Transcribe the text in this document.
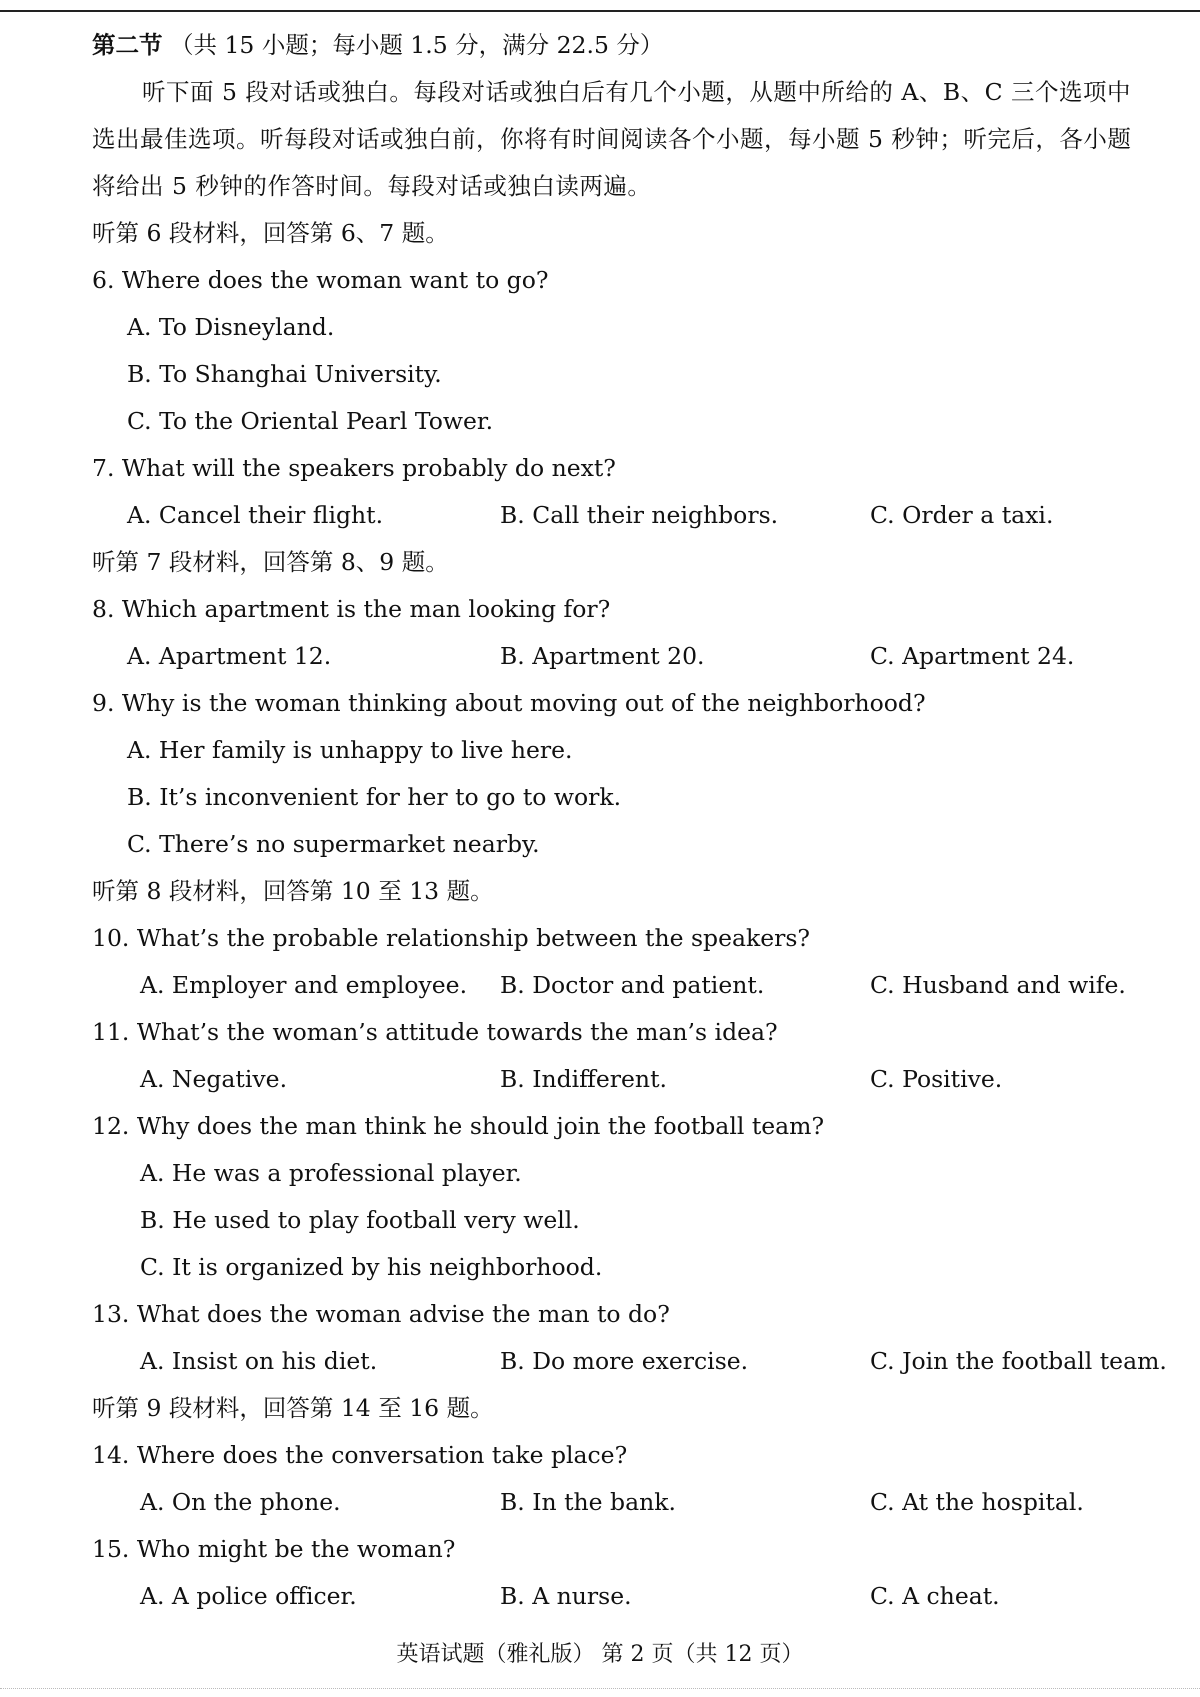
第二节 （共 15 小题；每小题 1.5 分，满分 22.5 分）
听下面 5 段对话或独白。每段对话或独白后有几个小题，从题中所给的 A、B、C 三个选项中
选出最佳选项。听每段对话或独白前，你将有时间阅读各个小题，每小题 5 秒钟；听完后，各小题
将给出 5 秒钟的作答时间。每段对话或独白读两遍。
听第 6 段材料，回答第 6、7 题。
6. Where does the woman want to go?
A. To Disneyland.
B. To Shanghai University.
C. To the Oriental Pearl Tower.
7. What will the speakers probably do next?
A. Cancel their flight.	B. Call their neighbors.	C. Order a taxi.
听第 7 段材料，回答第 8、9 题。
8. Which apartment is the man looking for?
A. Apartment 12.	B. Apartment 20.	C. Apartment 24.
9. Why is the woman thinking about moving out of the neighborhood?
A. Her family is unhappy to live here.
B. It’s inconvenient for her to go to work.
C. There’s no supermarket nearby.
听第 8 段材料，回答第 10 至 13 题。
10. What’s the probable relationship between the speakers?
A. Employer and employee. B. Doctor and patient.	C. Husband and wife.
11. What’s the woman’s attitude towards the man’s idea?
A. Negative.	B. Indifferent.	C. Positive.
12. Why does the man think he should join the football team?
A. He was a professional player.
B. He used to play football very well.
C. It is organized by his neighborhood.
13. What does the woman advise the man to do?
A. Insist on his diet.	B. Do more exercise.	C. Join the football team.
听第 9 段材料，回答第 14 至 16 题。
14. Where does the conversation take place?
A. On the phone.	B. In the bank.	C. At the hospital.
15. Who might be the woman?
A. A police officer.	B. A nurse.	C. A cheat.
英语试题（雅礼版） 第 2 页（共 12 页）
